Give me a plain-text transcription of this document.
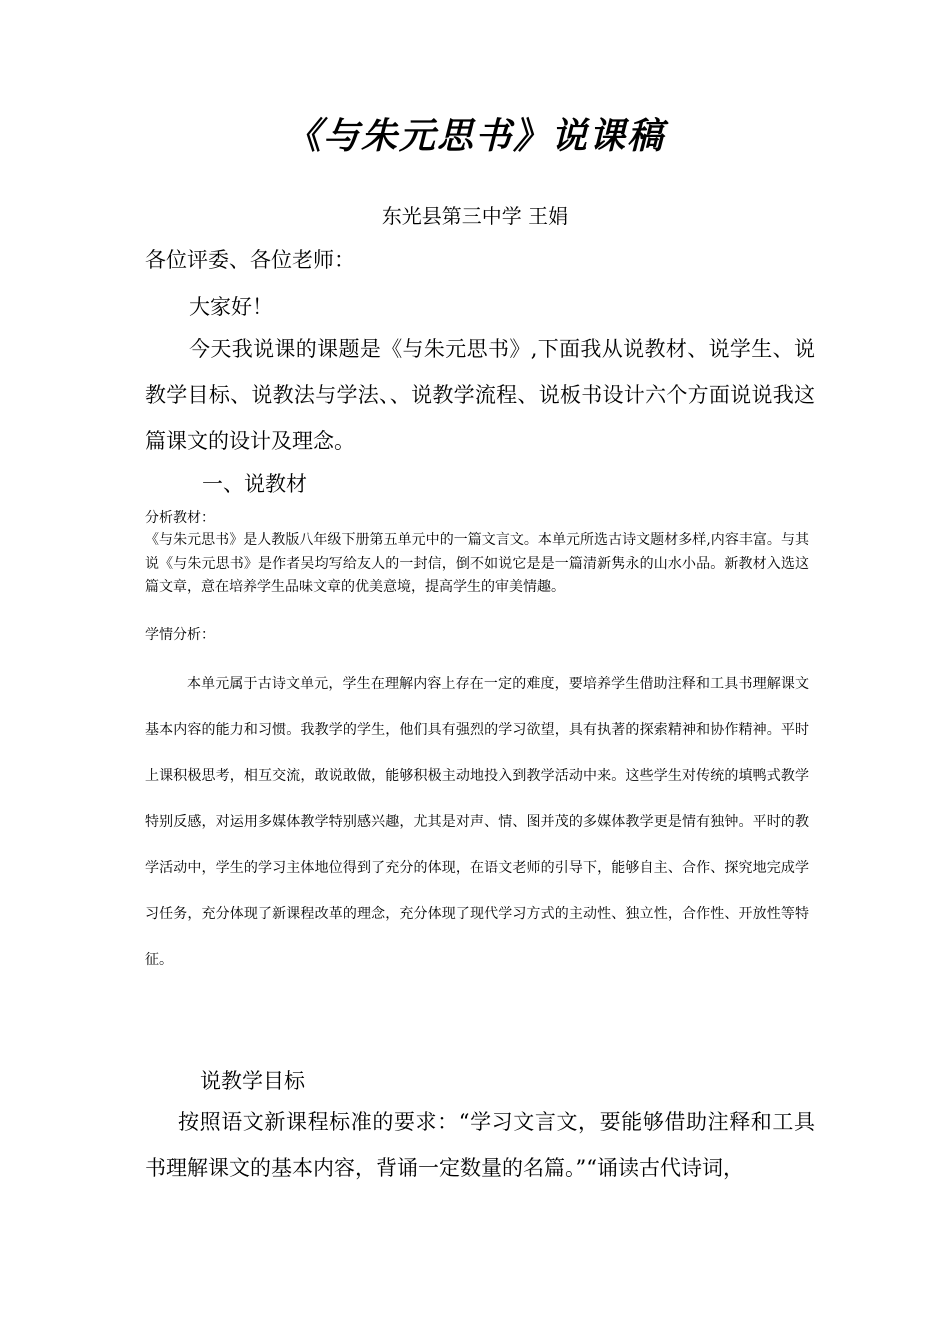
《与朱元思书》说课稿
东光县第三中学 王娟
各位评委、各位老师：
大家好！
今天我说课的课题是《与朱元思书》,下面我从说教材、说学生、说教学目标、说教法与学法、、说教学流程、说板书设计六个方面说说我这篇课文的设计及理念。
一、说教材
分析教材：
《与朱元思书》是人教版八年级下册第五单元中的一篇文言文。本单元所选古诗文题材多样,内容丰富。与其说《与朱元思书》是作者吴均写给友人的一封信，倒不如说它是是一篇清新隽永的山水小品。新教材入选这篇文章，意在培养学生品味文章的优美意境，提高学生的审美情趣。
学情分析：
本单元属于古诗文单元，学生在理解内容上存在一定的难度，要培养学生借助注释和工具书理解课文基本内容的能力和习惯。我教学的学生，他们具有强烈的学习欲望，具有执著的探索精神和协作精神。平时上课积极思考，相互交流，敢说敢做，能够积极主动地投入到教学活动中来。这些学生对传统的填鸭式教学特别反感，对运用多媒体教学特别感兴趣，尤其是对声、情、图并茂的多媒体教学更是情有独钟。平时的教学活动中，学生的学习主体地位得到了充分的体现，在语文老师的引导下，能够自主、合作、探究地完成学习任务，充分体现了新课程改革的理念，充分体现了现代学习方式的主动性、独立性，合作性、开放性等特征。
说教学目标
按照语文新课程标准的要求：“学习文言文，要能够借助注释和工具书理解课文的基本内容，背诵一定数量的名篇。”“诵读古代诗词，
